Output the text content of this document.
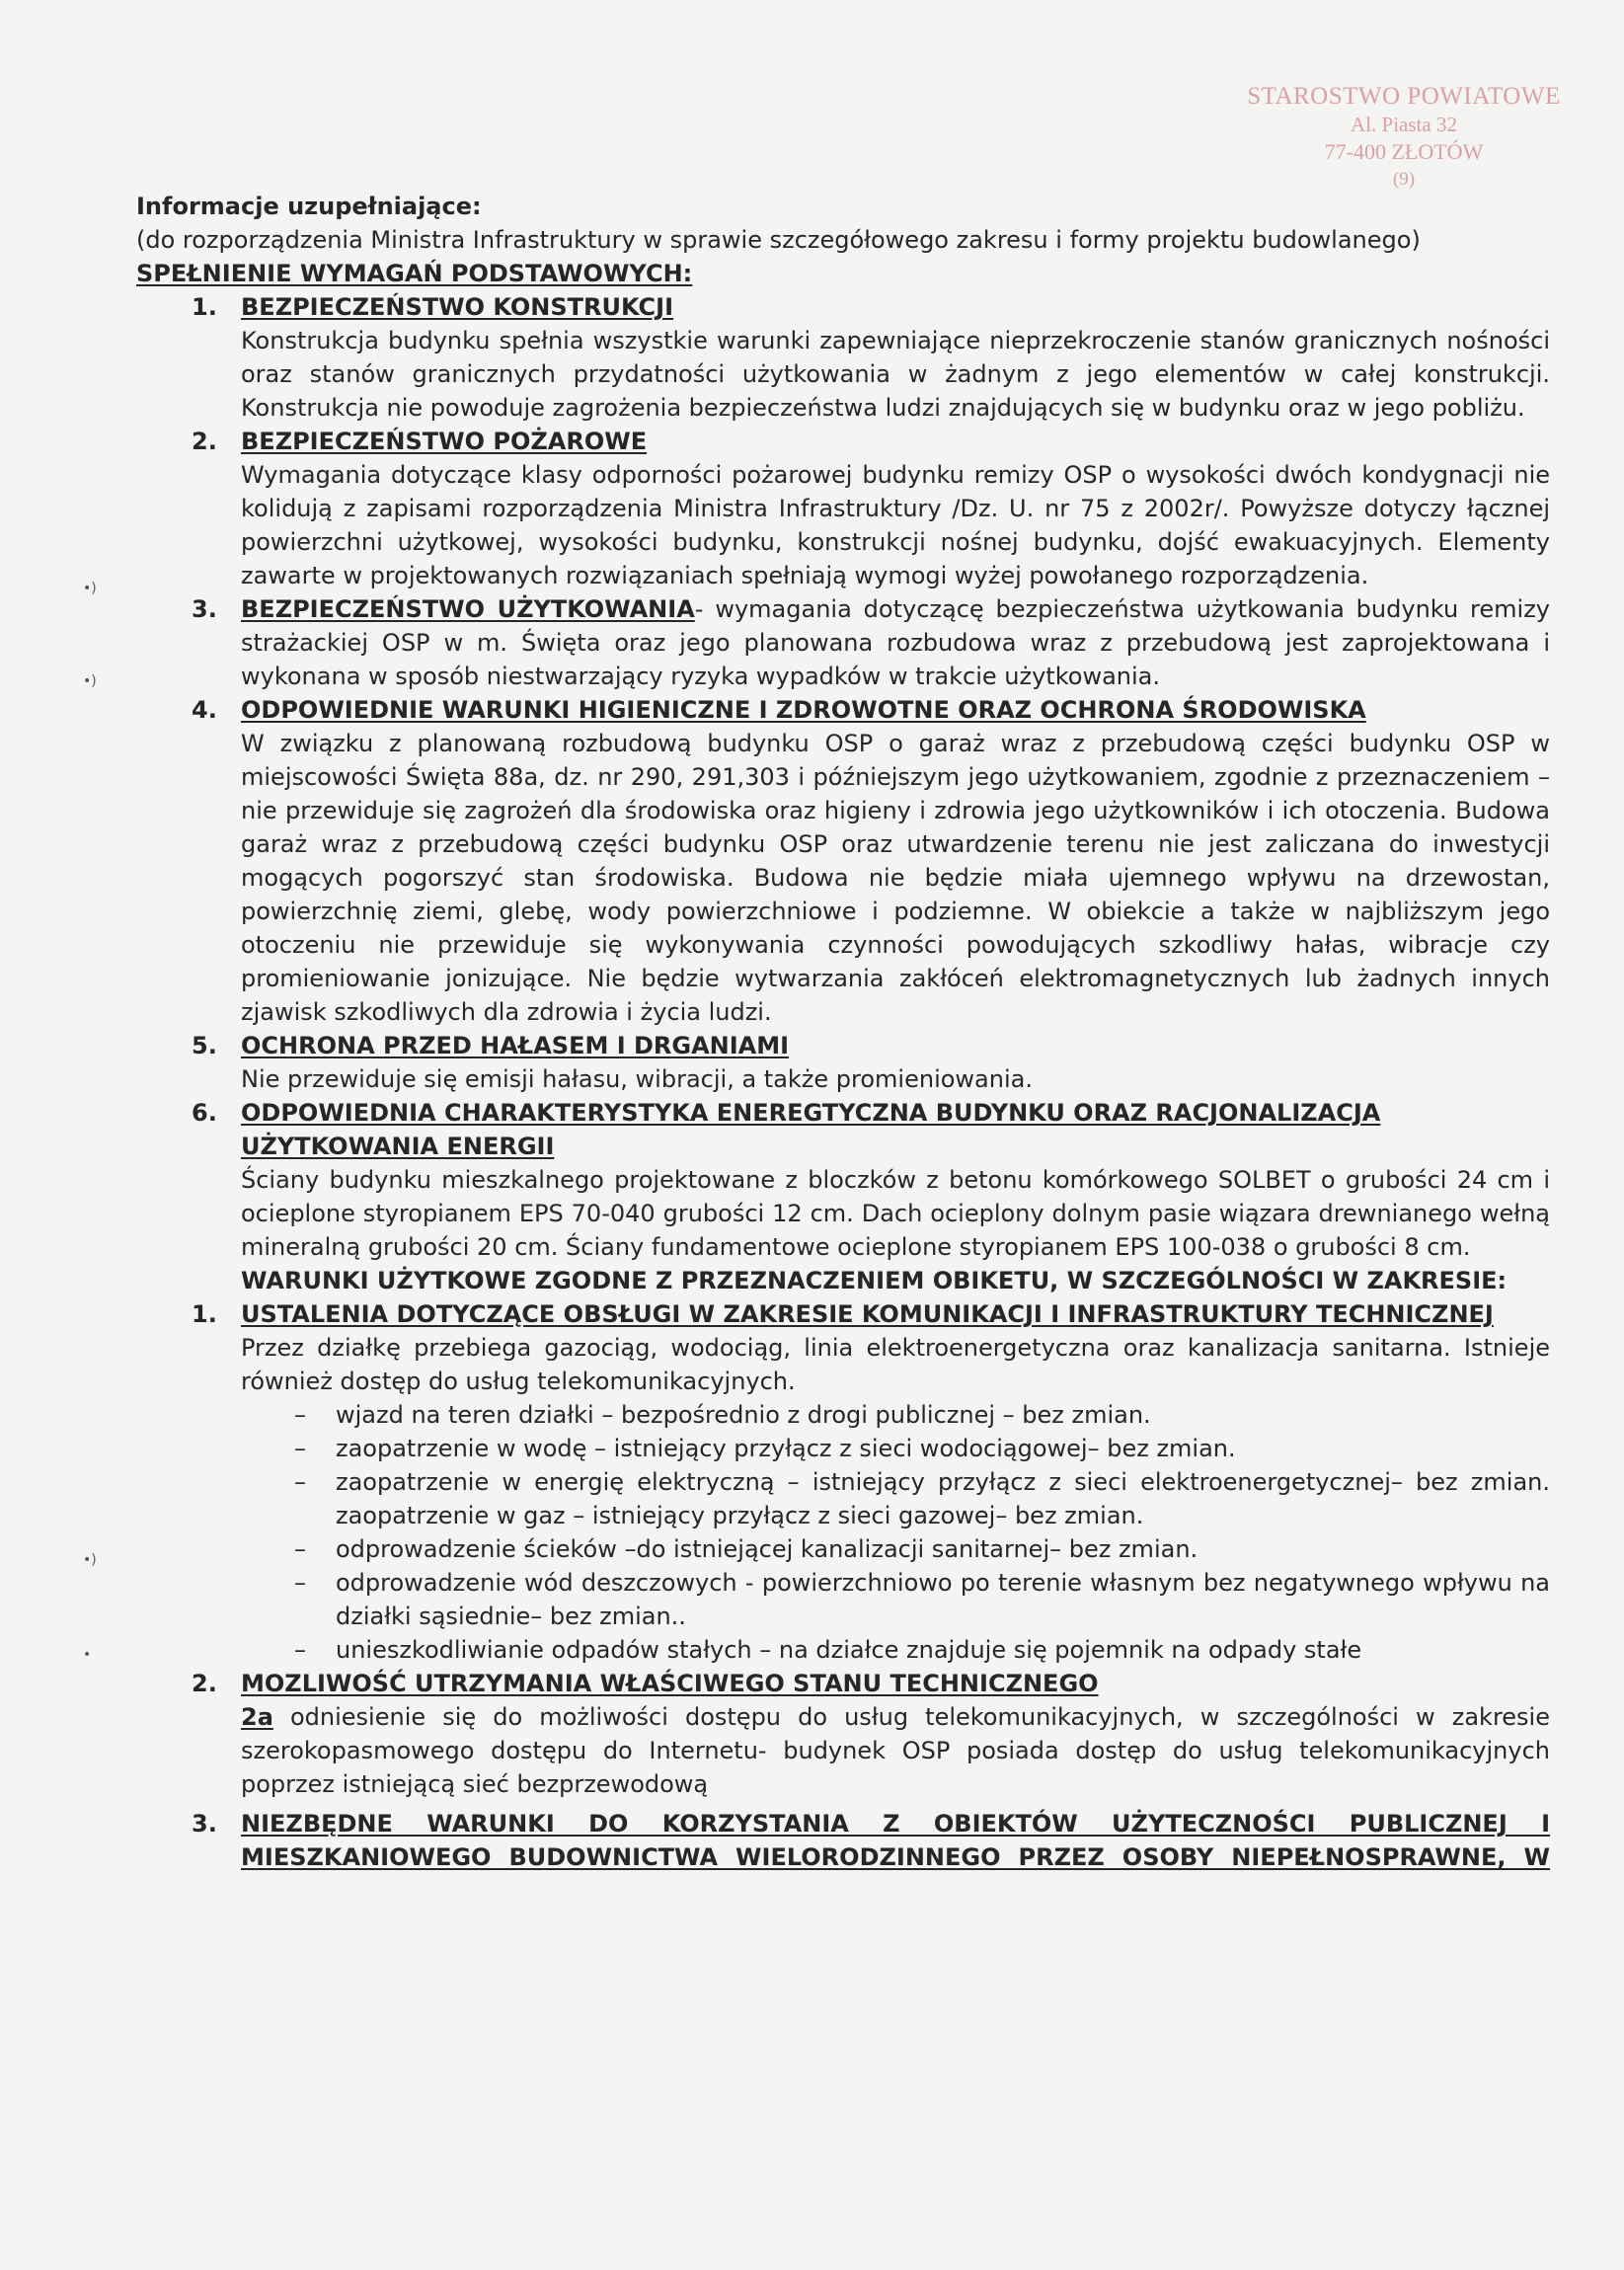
STAROSTWO POWIATOWE
Al. Piasta 32
77-400 ZŁOTÓW
(9)
•)
•)
•)
•

Informacje uzupełniające:

(do rozporządzenia Ministra Infrastruktury w sprawie szczegółowego zakresu i formy projektu budowlanego)

SPEŁNIENIE WYMAGAŃ PODSTAWOWYCH:

1. BEZPIECZEŃSTWO KONSTRUKCJI

Konstrukcja budynku spełnia wszystkie warunki zapewniające nieprzekroczenie stanów granicznych nośności oraz stanów granicznych przydatności użytkowania w żadnym z jego elementów w całej konstrukcji. Konstrukcja nie powoduje zagrożenia bezpieczeństwa ludzi znajdujących się w budynku oraz w jego pobliżu.

2. BEZPIECZEŃSTWO POŻAROWE

Wymagania dotyczące klasy odporności pożarowej budynku remizy OSP o wysokości dwóch kondygnacji nie kolidują z zapisami rozporządzenia Ministra Infrastruktury /Dz. U. nr 75 z 2002r/. Powyższe dotyczy łącznej powierzchni użytkowej, wysokości budynku, konstrukcji nośnej budynku, dojść ewakuacyjnych. Elementy zawarte w projektowanych rozwiązaniach spełniają wymogi wyżej powołanego rozporządzenia.

3. BEZPIECZEŃSTWO UŻYTKOWANIA- wymagania dotyczącę bezpieczeństwa użytkowania budynku remizy strażackiej OSP w m. Święta oraz jego planowana rozbudowa wraz z przebudową jest zaprojektowana i wykonana w sposób niestwarzający ryzyka wypadków w trakcie użytkowania.

4. ODPOWIEDNIE WARUNKI HIGIENICZNE I ZDROWOTNE ORAZ OCHRONA ŚRODOWISKA

W związku z planowaną rozbudową budynku OSP o garaż wraz z przebudową części budynku OSP w miejscowości Święta 88a, dz. nr 290, 291,303 i późniejszym jego użytkowaniem, zgodnie z przeznaczeniem – nie przewiduje się zagrożeń dla środowiska oraz higieny i zdrowia jego użytkowników i ich otoczenia. Budowa garaż wraz z przebudową części budynku OSP oraz utwardzenie terenu nie jest zaliczana do inwestycji mogących pogorszyć stan środowiska. Budowa nie będzie miała ujemnego wpływu na drzewostan, powierzchnię ziemi, glebę, wody powierzchniowe i podziemne. W obiekcie a także w najbliższym jego otoczeniu nie przewiduje się wykonywania czynności powodujących szkodliwy hałas, wibracje czy promieniowanie jonizujące. Nie będzie wytwarzania zakłóceń elektromagnetycznych lub żadnych innych zjawisk szkodliwych dla zdrowia i życia ludzi.

5. OCHRONA PRZED HAŁASEM I DRGANIAMI

Nie przewiduje się emisji hałasu, wibracji, a także promieniowania.

6. ODPOWIEDNIA CHARAKTERYSTYKA ENEREGTYCZNA BUDYNKU ORAZ RACJONALIZACJA UŻYTKOWANIA ENERGII

Ściany budynku mieszkalnego projektowane z bloczków z betonu komórkowego SOLBET o grubości 24 cm i ocieplone styropianem EPS 70-040 grubości 12 cm. Dach ocieplony dolnym pasie wiązara drewnianego wełną mineralną grubości 20 cm. Ściany fundamentowe ocieplone styropianem EPS 100-038 o grubości 8 cm.

WARUNKI UŻYTKOWE ZGODNE Z PRZEZNACZENIEM OBIKETU, W SZCZEGÓLNOŚCI W ZAKRESIE:

1. USTALENIA DOTYCZĄCE OBSŁUGI W ZAKRESIE KOMUNIKACJI I INFRASTRUKTURY TECHNICZNEJ

Przez działkę przebiega gazociąg, wodociąg, linia elektroenergetyczna oraz kanalizacja sanitarna. Istnieje również dostęp do usług telekomunikacyjnych.

– wjazd na teren działki – bezpośrednio z drogi publicznej – bez zmian.

– zaopatrzenie w wodę – istniejący przyłącz z sieci wodociągowej– bez zmian.

– zaopatrzenie w energię elektryczną – istniejący przyłącz z sieci elektroenergetycznej– bez zmian. zaopatrzenie w gaz – istniejący przyłącz z sieci gazowej– bez zmian.

– odprowadzenie ścieków –do istniejącej kanalizacji sanitarnej– bez zmian.

– odprowadzenie wód deszczowych - powierzchniowo po terenie własnym bez negatywnego wpływu na działki sąsiednie– bez zmian..

– unieszkodliwianie odpadów stałych – na działce znajduje się pojemnik na odpady stałe

2. MOZLIWOŚĆ UTRZYMANIA WŁAŚCIWEGO STANU TECHNICZNEGO

2a odniesienie się do możliwości dostępu do usług telekomunikacyjnych, w szczególności w zakresie szerokopasmowego dostępu do Internetu- budynek OSP posiada dostęp do usług telekomunikacyjnych poprzez istniejącą sieć bezprzewodową

3. NIEZBĘDNE WARUNKI DO KORZYSTANIA Z OBIEKTÓW UŻYTECZNOŚCI PUBLICZNEJ I MIESZKANIOWEGO BUDOWNICTWA WIELORODZINNEGO PRZEZ OSOBY NIEPEŁNOSPRAWNE, W
